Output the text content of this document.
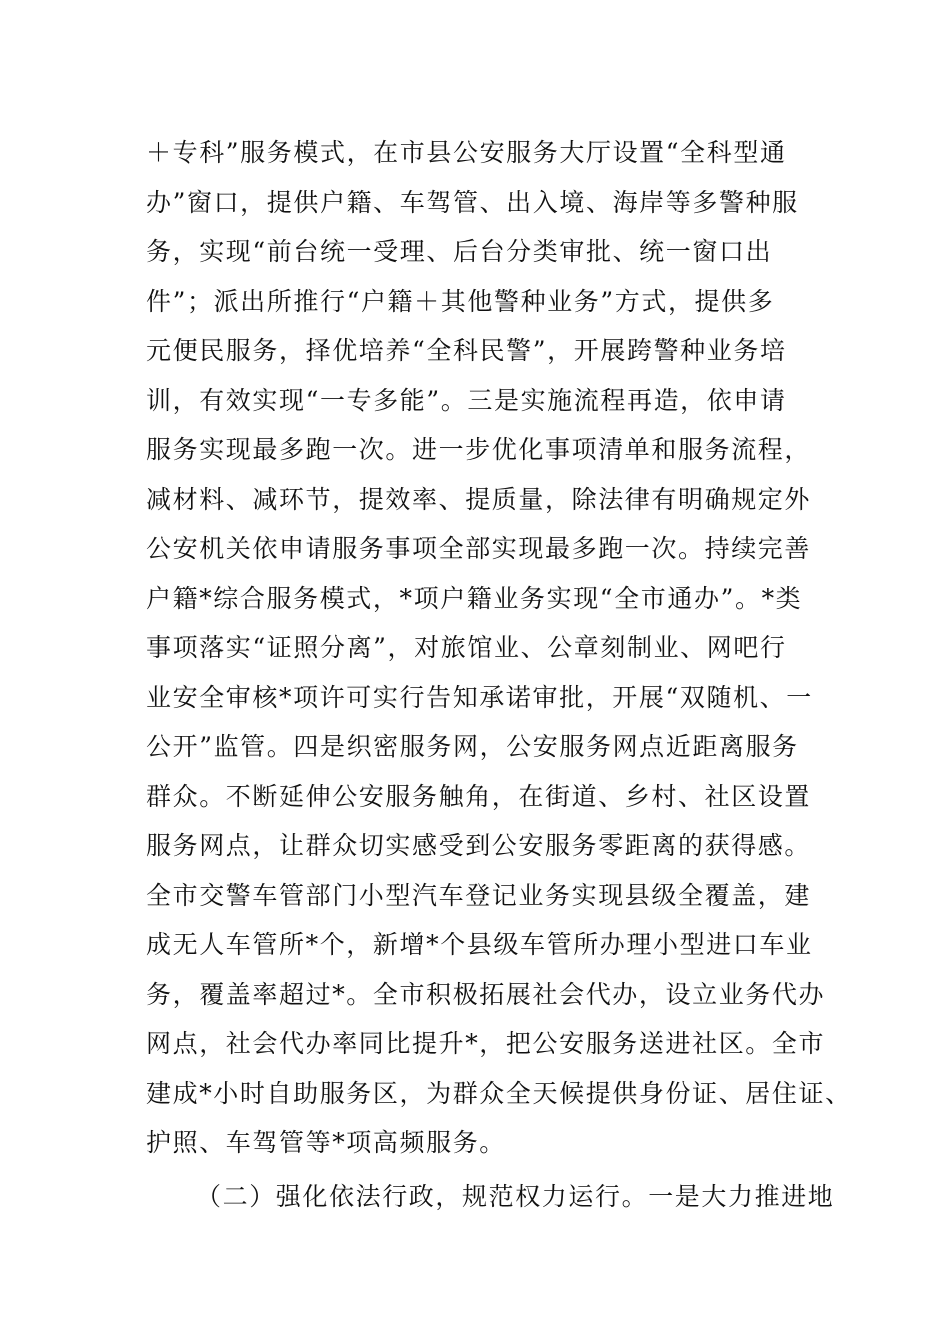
＋专科”服务模式，在市县公安服务大厅设置“全科型通
办”窗口，提供户籍、车驾管、出入境、海岸等多警种服
务，实现“前台统一受理、后台分类审批、统一窗口出
件”；派出所推行“户籍＋其他警种业务”方式，提供多
元便民服务，择优培养“全科民警”，开展跨警种业务培
训，有效实现“一专多能”。三是实施流程再造，依申请
服务实现最多跑一次。进一步优化事项清单和服务流程，
减材料、减环节，提效率、提质量，除法律有明确规定外
公安机关依申请服务事项全部实现最多跑一次。持续完善
户籍*综合服务模式，*项户籍业务实现“全市通办”。*类
事项落实“证照分离”，对旅馆业、公章刻制业、网吧行
业安全审核*项许可实行告知承诺审批，开展“双随机、一
公开”监管。四是织密服务网，公安服务网点近距离服务
群众。不断延伸公安服务触角，在街道、乡村、社区设置
服务网点，让群众切实感受到公安服务零距离的获得感。
全市交警车管部门小型汽车登记业务实现县级全覆盖，建
成无人车管所*个，新增*个县级车管所办理小型进口车业
务，覆盖率超过*。全市积极拓展社会代办，设立业务代办
网点，社会代办率同比提升*，把公安服务送进社区。全市
建成*小时自助服务区，为群众全天候提供身份证、居住证、
护照、车驾管等*项高频服务。
（二）强化依法行政，规范权力运行。一是大力推进地
